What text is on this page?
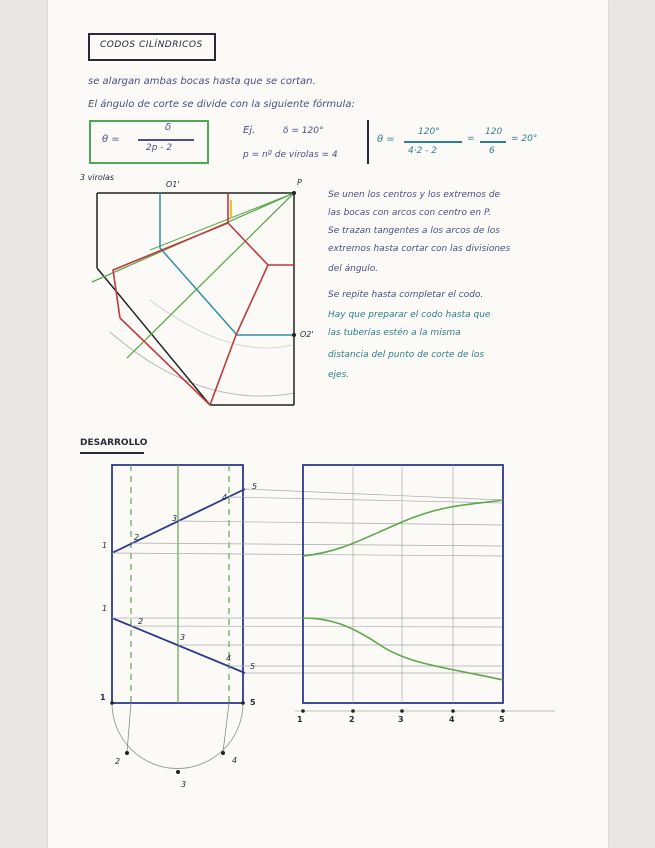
CODOS CILÍNDRICOS
se alargan ambas bocas hasta que se cortan.
El ángulo de corte se divide con la siguiente fórmula:
θ =
δ
2p - 2
Ej.	δ = 120°
p = nº de virolas = 4
θ =
120°
4·2 - 2
=
120
6
= 20°
3 virolas
O1'	P
O2'
Se unen los centros y los extremos de
las bocas con arcos con centro en P.
Se trazan tangentes a los arcos de los
extremos hasta cortar con las divisiones
del ángulo.
Se repite hasta completar el codo.
Hay que preparar el codo hasta que
las tuberías estén a la misma
distancia del punto de corte de los
ejes.
DESARROLLO
1
2
3
4
5
1
2
3
4
5
1
5
2
3
4
1	2	3	4	5
